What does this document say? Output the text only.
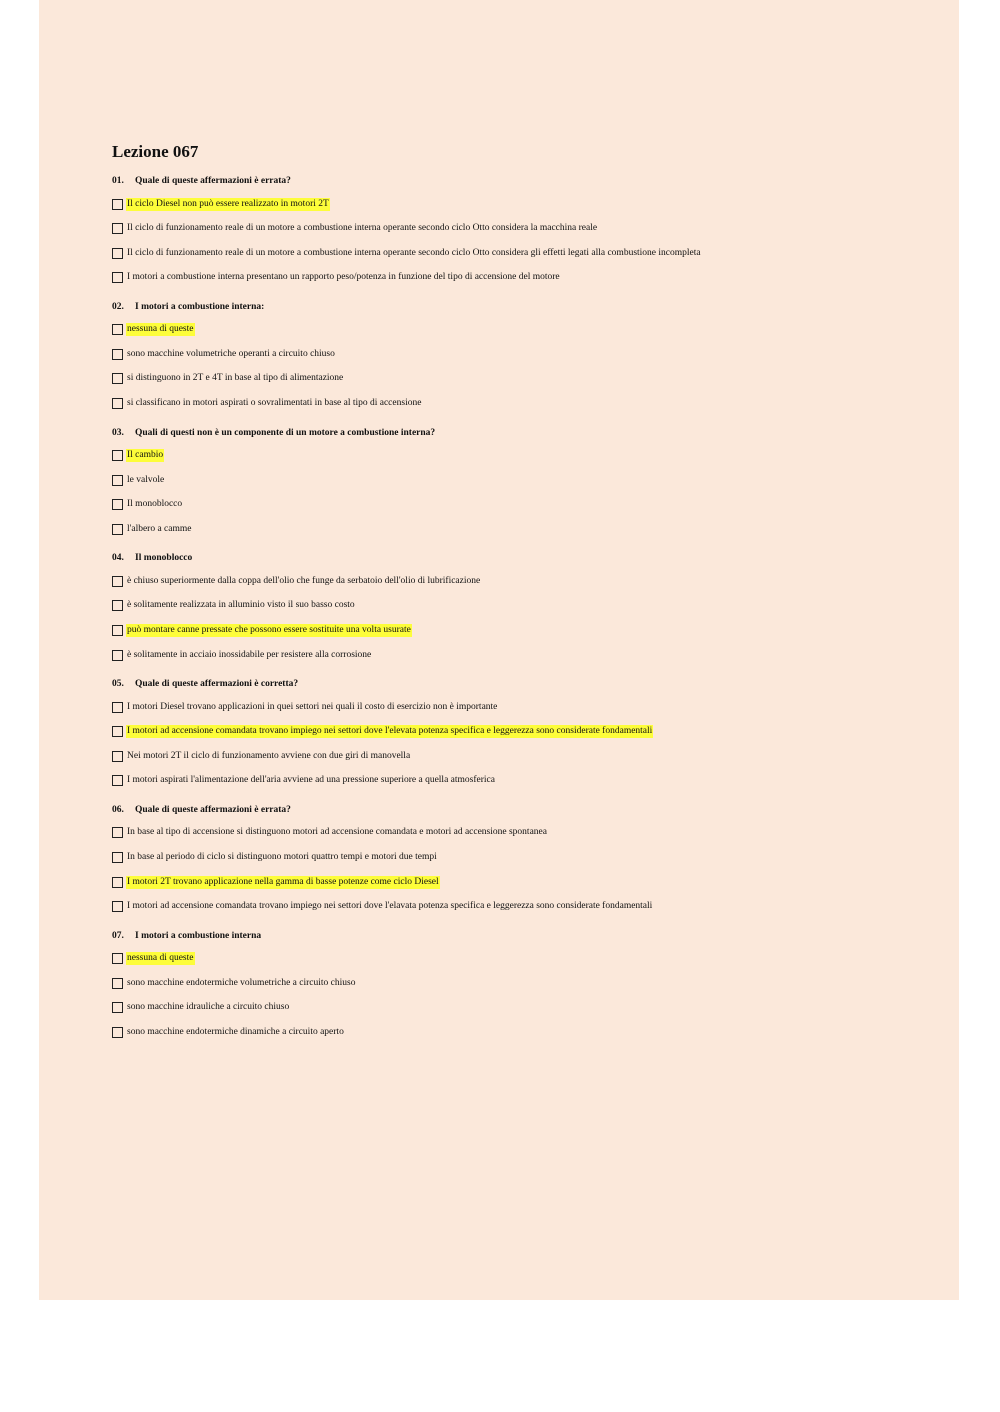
Lezione 067
01. Quale di queste affermazioni è errata?
Il ciclo Diesel non può essere realizzato in motori 2T
Il ciclo di funzionamento reale di un motore a combustione interna operante secondo ciclo Otto considera la macchina reale
Il ciclo di funzionamento reale di un motore a combustione interna operante secondo ciclo Otto considera gli effetti legati alla combustione incompleta
I motori a combustione interna presentano un rapporto peso/potenza in funzione del tipo di accensione del motore
02. I motori a combustione interna:
nessuna di queste
sono macchine volumetriche operanti a circuito chiuso
si distinguono in 2T e 4T in base al tipo di alimentazione
si classificano in motori aspirati o sovralimentati in base al tipo di accensione
03. Quali di questi non è un componente di un motore a combustione interna?
Il cambio
le valvole
Il monoblocco
l'albero a camme
04. Il monoblocco
è chiuso superiormente dalla coppa dell'olio che funge da serbatoio dell'olio di lubrificazione
è solitamente realizzata in alluminio visto il suo basso costo
può montare canne pressate che possono essere sostituite una volta usurate
è solitamente in acciaio inossidabile per resistere alla corrosione
05. Quale di queste affermazioni è corretta?
I motori Diesel trovano applicazioni in quei settori nei quali il costo di esercizio non è importante
I motori ad accensione comandata trovano impiego nei settori dove l'elevata potenza specifica e leggerezza sono considerate fondamentali
Nei motori 2T il ciclo di funzionamento avviene con due giri di manovella
I motori aspirati l'alimentazione dell'aria avviene ad una pressione superiore a quella atmosferica
06. Quale di queste affermazioni è errata?
In base al tipo di accensione si distinguono motori ad accensione comandata e motori ad accensione spontanea
In base al periodo di ciclo si distinguono motori quattro tempi e motori due tempi
I motori 2T trovano applicazione nella gamma di basse potenze come ciclo Diesel
I motori ad accensione comandata trovano impiego nei settori dove l'elavata potenza specifica e leggerezza sono considerate fondamentali
07. I motori a combustione interna
nessuna di queste
sono macchine endotermiche volumetriche a circuito chiuso
sono macchine idrauliche a circuito chiuso
sono macchine endotermiche dinamiche a circuito aperto
